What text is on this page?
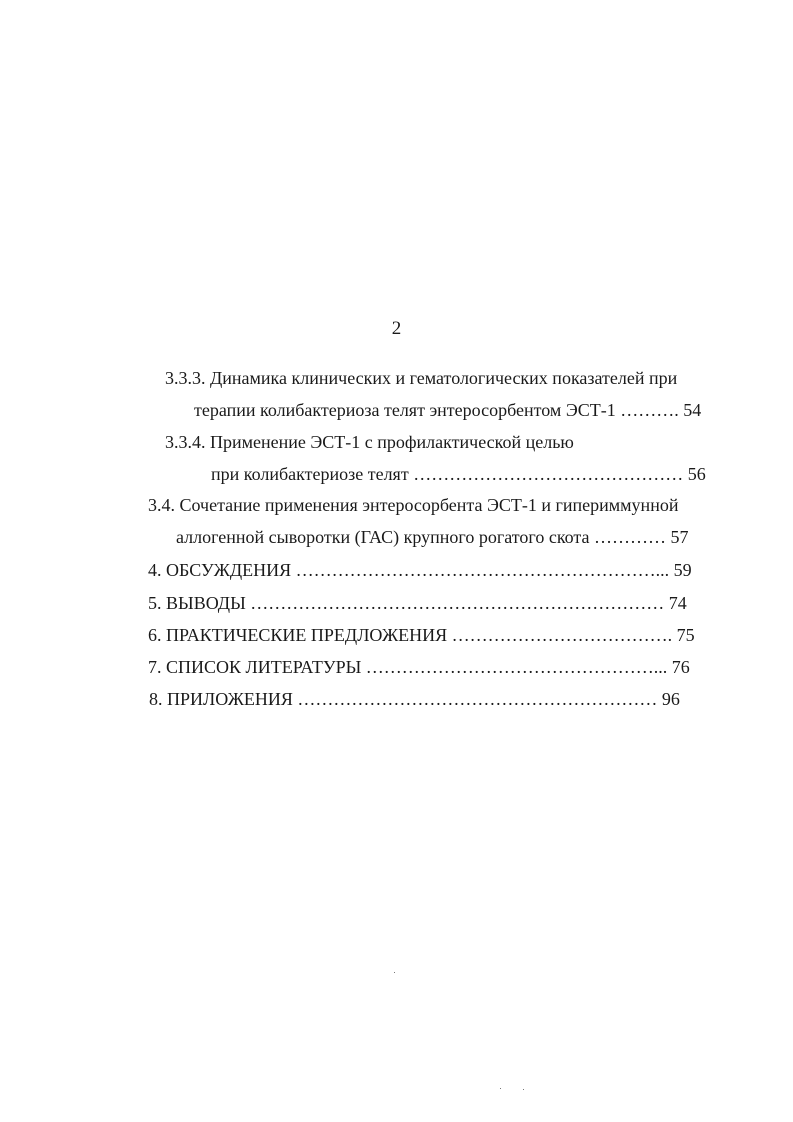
2
3.3.3. Динамика клинических и гематологических показателей при
терапии колибактериоза телят энтеросорбентом ЭСТ-1 ………. 54
3.3.4. Применение ЭСТ-1 с профилактической целью
при колибактериозе телят ……………………………………… 56
3.4. Сочетание применения энтеросорбента ЭСТ-1 и гипериммунной
аллогенной сыворотки (ГАС) крупного рогатого скота ………… 57
4. ОБСУЖДЕНИЯ ……………………………………………………... 59
5. ВЫВОДЫ …………………………………………………………… 74
6. ПРАКТИЧЕСКИЕ ПРЕДЛОЖЕНИЯ ………………………………. 75
7. СПИСОК ЛИТЕРАТУРЫ …………………………………………... 76
8. ПРИЛОЖЕНИЯ …………………………………………………… 96
